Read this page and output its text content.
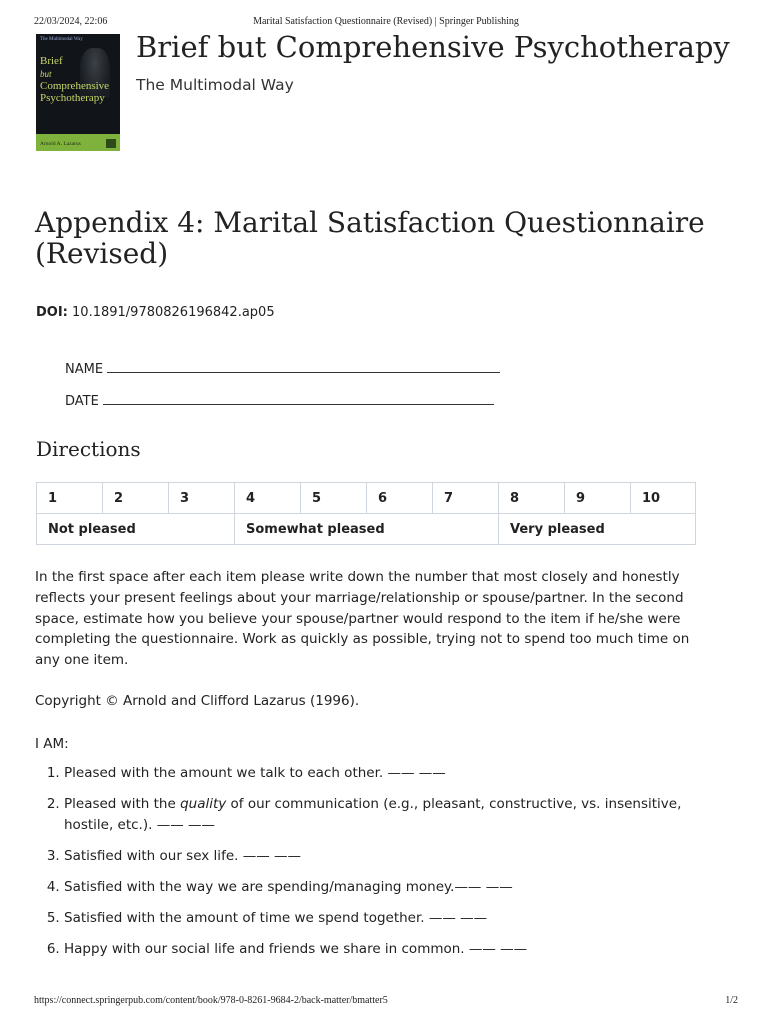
22/03/2024, 22:06	Marital Satisfaction Questionnaire (Revised) | Springer Publishing
The Multimodal Way
Brief
but
Comprehensive
Psychotherapy
Arnold A. Lazarus
Brief but Comprehensive Psychotherapy
The Multimodal Way
Appendix 4: Marital Satisfaction Questionnaire (Revised)
DOI: 10.1891/9780826196842.ap05
NAME
DATE
Directions
1	2	3	4	5	6	7	8	9	10
Not pleased			Somewhat pleased				Very pleased		

In the first space after each item please write down the number that most closely and honestly reflects your present feelings about your marriage/relationship or spouse/partner. In the second space, estimate how you believe your spouse/partner would respond to the item if he/she were completing the questionnaire. Work as quickly as possible, trying not to spend too much time on any one item.

Copyright © Arnold and Clifford Lazarus (1996).

I AM:

1. Pleased with the amount we talk to each other. —— ——
2. Pleased with the quality of our communication (e.g., pleasant, constructive, vs. insensitive, hostile, etc.). —— ——
3. Satisfied with our sex life. —— ——
4. Satisfied with the way we are spending/managing money.—— ——
5. Satisfied with the amount of time we spend together. —— ——
6. Happy with our social life and friends we share in common. —— ——
https://connect.springerpub.com/content/book/978-0-8261-9684-2/back-matter/bmatter5	1/2
